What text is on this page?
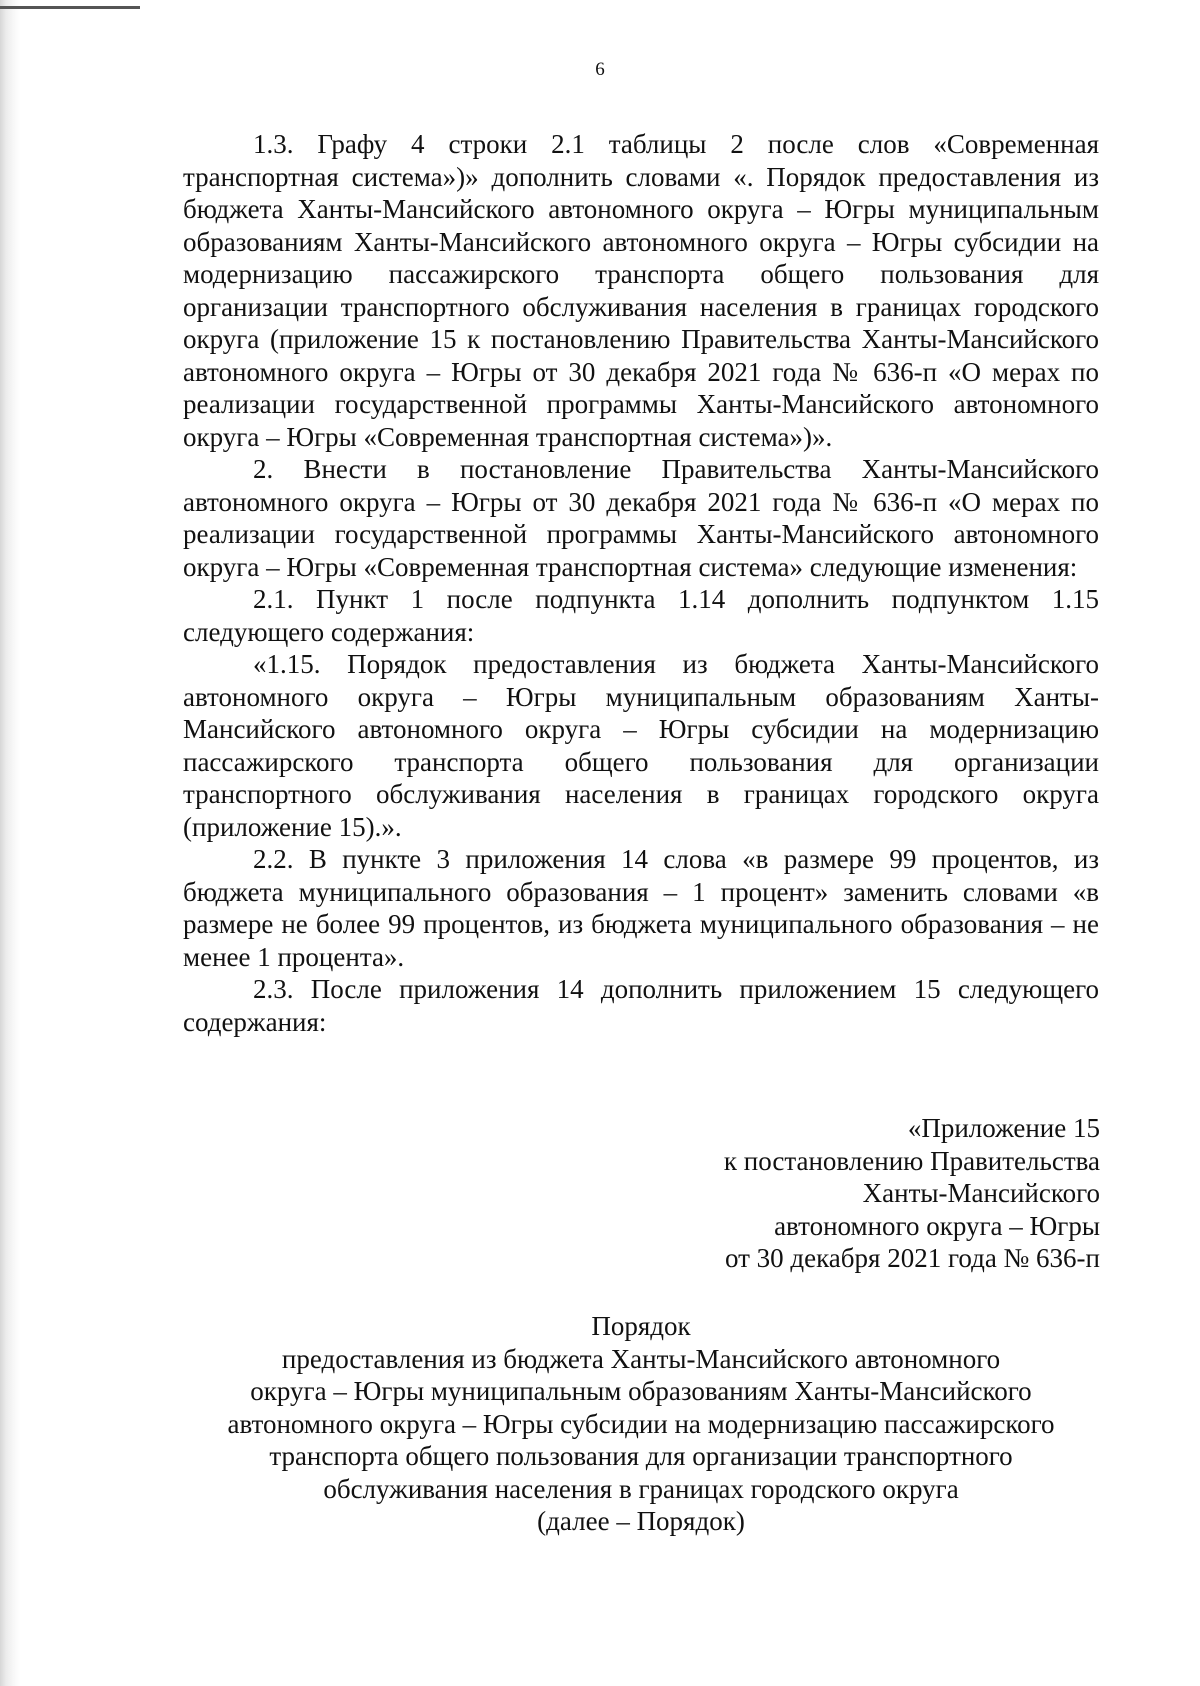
6

1.3. Графу 4 строки 2.1 таблицы 2 после слов «Современная транспортная система»)» дополнить словами «. Порядок предоставления из бюджета Ханты-Мансийского автономного округа – Югры муниципальным образованиям Ханты-Мансийского автономного округа – Югры субсидии на модернизацию пассажирского транспорта общего пользования для организации транспортного обслуживания населения в границах городского округа (приложение 15 к постановлению Правительства Ханты-Мансийского автономного округа – Югры от 30 декабря 2021 года № 636-п «О мерах по реализации государственной программы Ханты-Мансийского автономного округа – Югры «Современная транспортная система»)».

2. Внести в постановление Правительства Ханты-Мансийского автономного округа – Югры от 30 декабря 2021 года № 636-п «О мерах по реализации государственной программы Ханты-Мансийского автономного округа – Югры «Современная транспортная система» следующие изменения:

2.1. Пункт 1 после подпункта 1.14 дополнить подпунктом 1.15 следующего содержания:

«1.15. Порядок предоставления из бюджета Ханты-Мансийского автономного округа – Югры муниципальным образованиям Ханты-Мансийского автономного округа – Югры субсидии на модернизацию пассажирского транспорта общего пользования для организации транспортного обслуживания населения в границах городского округа (приложение 15).».

2.2. В пункте 3 приложения 14 слова «в размере 99 процентов, из бюджета муниципального образования – 1 процент» заменить словами «в размере не более 99 процентов, из бюджета муниципального образования – не менее 1 процента».

2.3. После приложения 14 дополнить приложением 15 следующего содержания:

«Приложение 15
к постановлению Правительства
Ханты-Мансийского
автономного округа – Югры
от 30 декабря 2021 года № 636-п
Порядок
предоставления из бюджета Ханты-Мансийского автономного
округа – Югры муниципальным образованиям Ханты-Мансийского
автономного округа – Югры субсидии на модернизацию пассажирского
транспорта общего пользования для организации транспортного
обслуживания населения в границах городского округа
(далее – Порядок)
